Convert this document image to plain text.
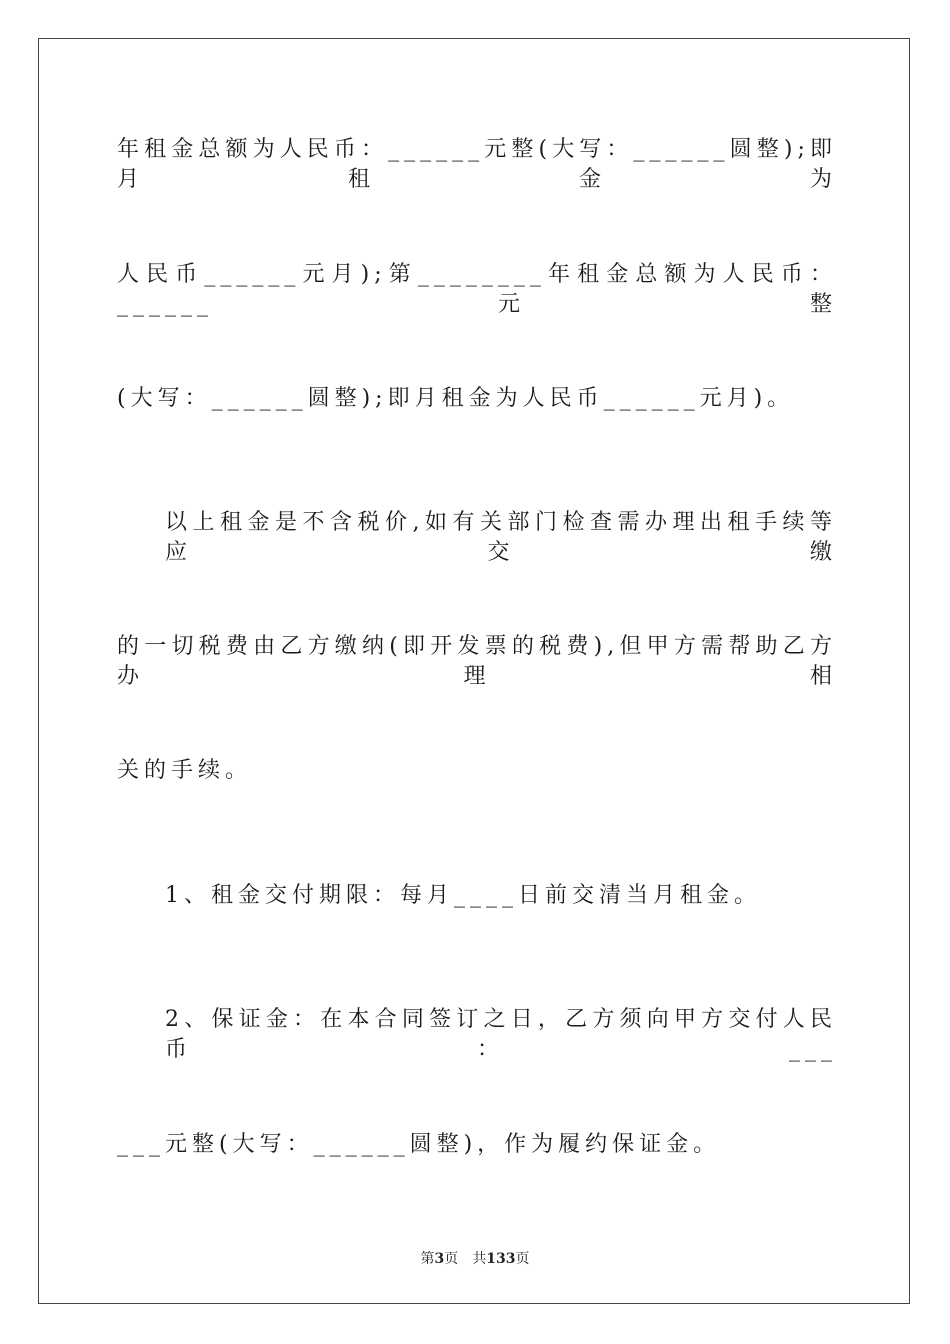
年租金总额为人民币：______元整(大写：______圆整);即月租金为
人民币______元月);第________年租金总额为人民币：______元整
(大写：______圆整);即月租金为人民币______元月)。
以上租金是不含税价,如有关部门检查需办理出租手续等应交缴
的一切税费由乙方缴纳(即开发票的税费),但甲方需帮助乙方办理相
关的手续。
1、租金交付期限：每月____日前交清当月租金。
2、保证金：在本合同签订之日，乙方须向甲方交付人民币：___
___元整(大写：______圆整)，作为履约保证金。
第3页 共133页
